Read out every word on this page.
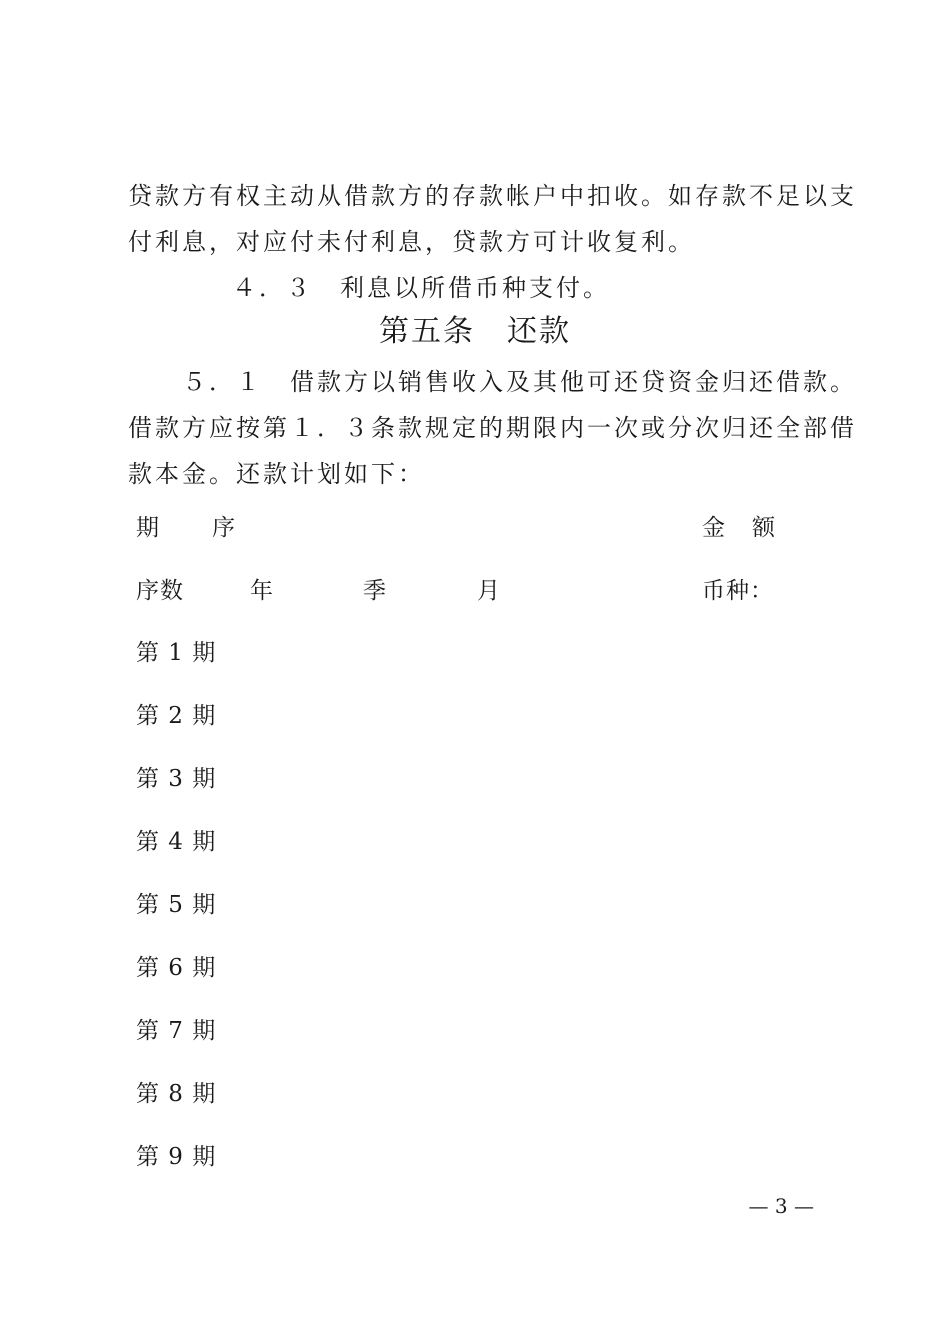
贷款方有权主动从借款方的存款帐户中扣收。如存款不足以支
付利息，对应付未付利息，贷款方可计收复利。
４．３　利息以所借币种支付。
第五条　还款
５．１　借款方以销售收入及其他可还贷资金归还借款。
借款方应按第１．３条款规定的期限内一次或分次归还全部借
款本金。还款计划如下：
期 序	金 额
序数	年	季	月	币种：
第 1 期
第 2 期
第 3 期
第 4 期
第 5 期
第 6 期
第 7 期
第 8 期
第 9 期
— 3 —
